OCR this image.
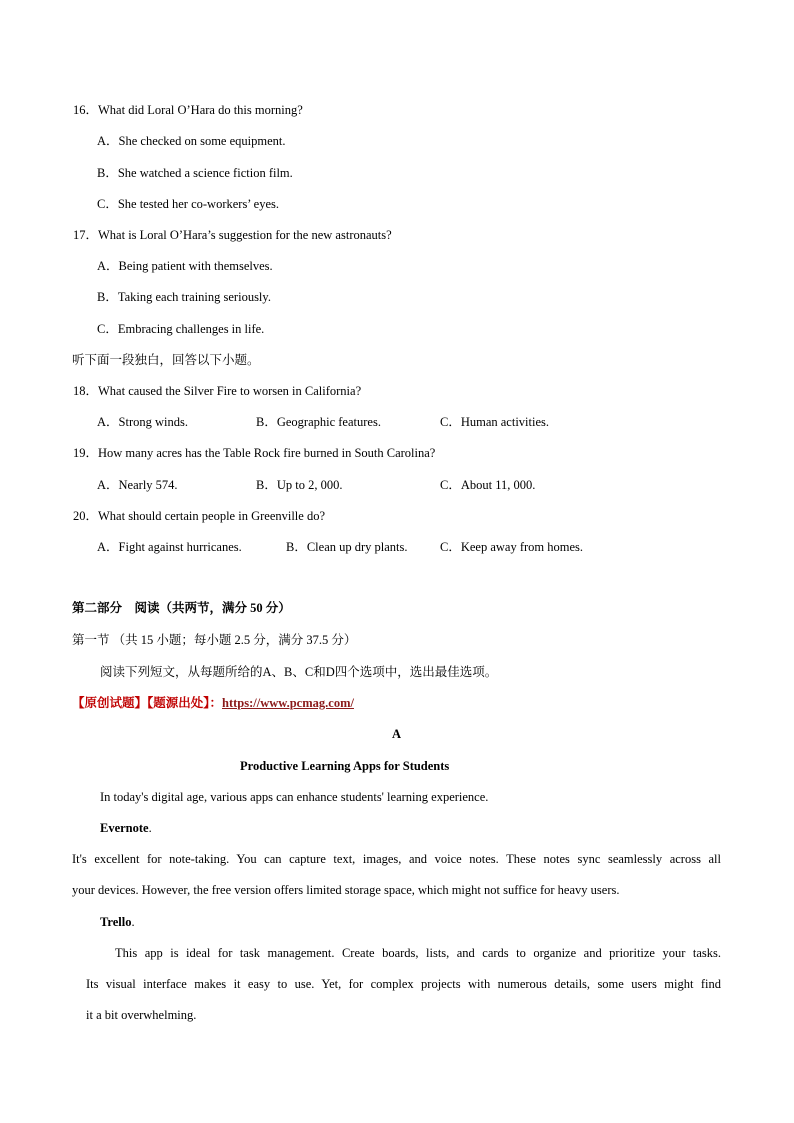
16．What did Loral O’Hara do this morning?
A．She checked on some equipment.
B．She watched a science fiction film.
C．She tested her co-workers’ eyes.
17．What is Loral O’Hara’s suggestion for the new astronauts?
A．Being patient with themselves.
B．Taking each training seriously.
C．Embracing challenges in life.
听下面一段独白，回答以下小题。
18．What caused the Silver Fire to worsen in California?
A．Strong winds.	B．Geographic features.	C．Human activities.
19．How many acres has the Table Rock fire burned in South Carolina?
A．Nearly 574.	B．Up to 2, 000.	C．About 11, 000.
20．What should certain people in Greenville do?
A．Fight against hurricanes.	B．Clean up dry plants.	C．Keep away from homes.
第二部分　阅读（共两节，满分 50 分）
第一节 （共 15 小题；每小题 2.5 分，满分 37.5 分）
阅读下列短文，从每题所给的A、B、C和D四个选项中，选出最佳选项。
【原创试题】【题源出处】：https://www.pcmag.com/
A
Productive Learning Apps for Students
In today's digital age, various apps can enhance students' learning experience.
Evernote.
It's excellent for note-taking. You can capture text, images, and voice notes. These notes sync seamlessly across all
your devices. However, the free version offers limited storage space, which might not suffice for heavy users.
Trello.
This app is ideal for task management. Create boards, lists, and cards to organize and prioritize your tasks.
Its visual interface makes it easy to use. Yet, for complex projects with numerous details, some users might find
it a bit overwhelming.
